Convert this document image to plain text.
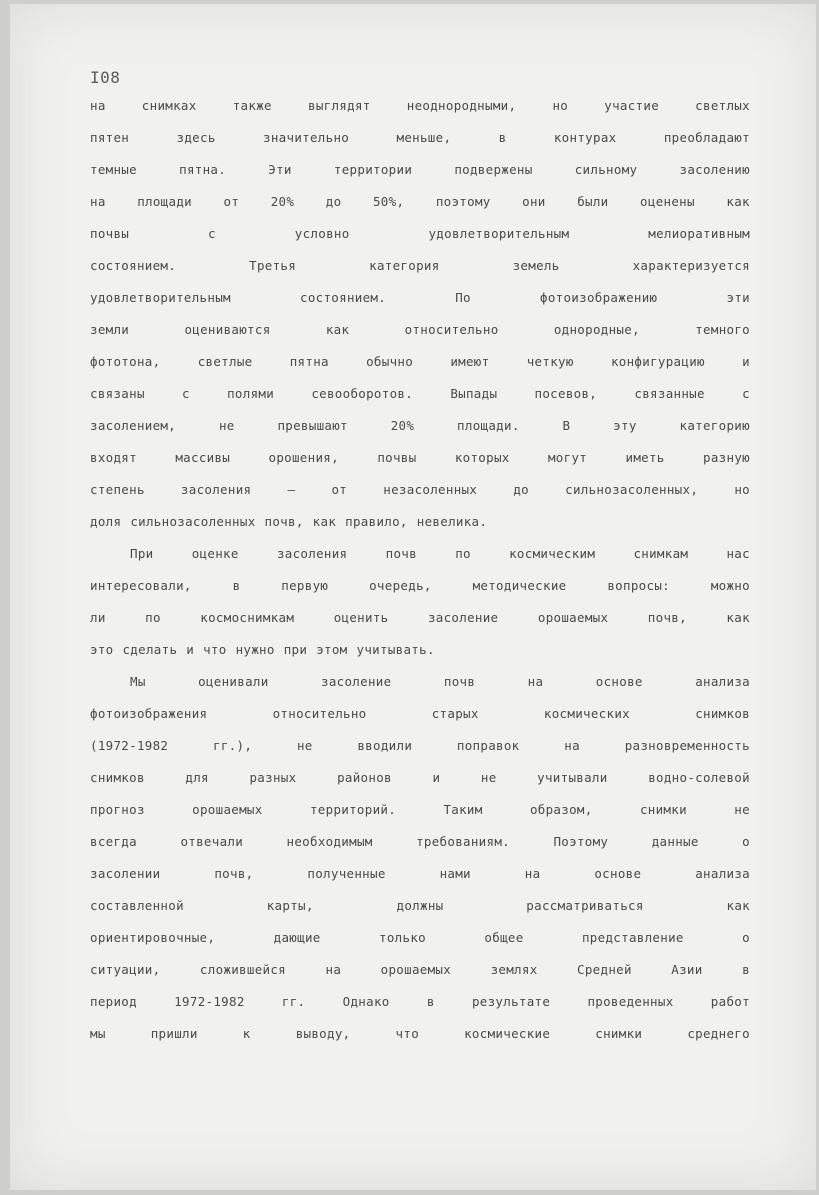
I08
на	снимках	также	выглядят	неоднородными,	но	участие	светлых
пятен	здесь	значительно	меньше,	в	контурах	преобладают
темные	пятна.	Эти	территории	подвержены	сильному	засолению
на	площади	от	20%	до	50%,	поэтому	они	были	оценены	как
почвы	с	условно	удовлетворительным	мелиоративным
состоянием.	Третья	категория	земель	характеризуется
удовлетворительным	состоянием.	По	фотоизображению	эти
земли	оцениваются	как	относительно	однородные,	темного
фототона,	светлые	пятна	обычно	имеют	четкую	конфигурацию	и
связаны	с	полями	севооборотов.	Выпады	посевов,	связанные	с
засолением,	не	превышают	20%	площади.	В	эту	категорию
входят	массивы	орошения,	почвы	которых	могут	иметь	разную
степень	засоления	–	от	незасоленных	до	сильнозасоленных,	но
доля сильнозасоленных почв, как правило, невелика.
При	оценке	засоления	почв	по	космическим	снимкам	нас
интересовали,	в	первую	очередь,	методические	вопросы:	можно
ли	по	космоснимкам	оценить	засоление	орошаемых	почв,	как
это сделать и что нужно при этом учитывать.
Мы	оценивали	засоление	почв	на	основе	анализа
фотоизображения	относительно	старых	космических	снимков
(1972-1982	гг.),	не	вводили	поправок	на	разновременность
снимков	для	разных	районов	и	не	учитывали	водно-солевой
прогноз	орошаемых	территорий.	Таким	образом,	снимки	не
всегда	отвечали	необходимым	требованиям.	Поэтому	данные	о
засолении	почв,	полученные	нами	на	основе	анализа
составленной	карты,	должны	рассматриваться	как
ориентировочные,	дающие	только	общее	представление	о
ситуации,	сложившейся	на	орошаемых	землях	Средней	Азии	в
период	1972-1982	гг.	Однако	в	результате	проведенных	работ
мы	пришли	к	выводу,	что	космические	снимки	среднего
